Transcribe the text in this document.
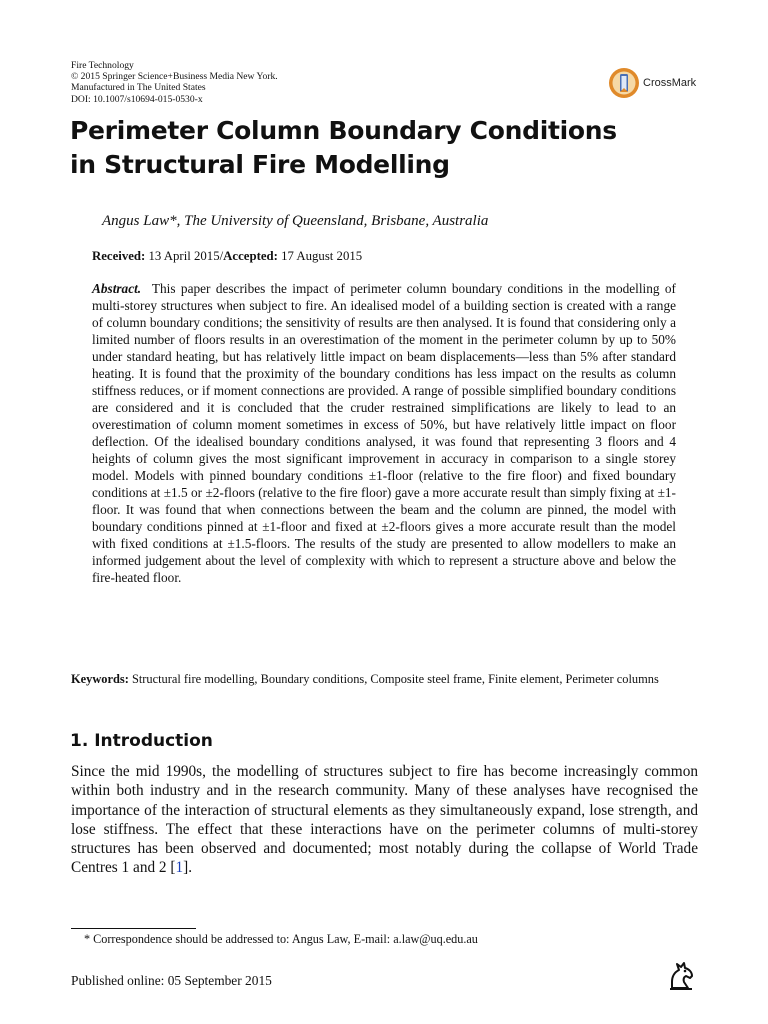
Fire Technology
© 2015 Springer Science+Business Media New York.
Manufactured in The United States
DOI: 10.1007/s10694-015-0530-x
CrossMark
Perimeter Column Boundary Conditions
in Structural Fire Modelling
Angus Law*, The University of Queensland, Brisbane, Australia
Received: 13 April 2015/Accepted: 17 August 2015
Abstract. This paper describes the impact of perimeter column boundary conditions in the modelling of multi-storey structures when subject to fire. An idealised model of a building section is created with a range of column boundary conditions; the sensitivity of results are then analysed. It is found that considering only a limited number of floors results in an overestimation of the moment in the perimeter column by up to 50% under standard heating, but has relatively little impact on beam displacements—less than 5% after standard heating. It is found that the proximity of the boundary conditions has less impact on the results as column stiffness reduces, or if moment connections are provided. A range of possible simplified boundary conditions are considered and it is concluded that the cruder restrained simplifications are likely to lead to an overestimation of column moment sometimes in excess of 50%, but have relatively little impact on floor deflection. Of the idealised boundary conditions analysed, it was found that representing 3 floors and 4 heights of column gives the most significant improvement in accuracy in comparison to a single storey model. Models with pinned boundary conditions ±1-floor (relative to the fire floor) and fixed boundary conditions at ±1.5 or ±2-floors (relative to the fire floor) gave a more accurate result than simply fixing at ±1-floor. It was found that when connections between the beam and the column are pinned, the model with boundary conditions pinned at ±1-floor and fixed at ±2-floors gives a more accurate result than the model with fixed conditions at ±1.5-floors. The results of the study are presented to allow modellers to make an informed judgement about the level of complexity with which to represent a structure above and below the fire-heated floor.
Keywords: Structural fire modelling, Boundary conditions, Composite steel frame, Finite element, Perimeter columns
1. Introduction
Since the mid 1990s, the modelling of structures subject to fire has become increasingly common within both industry and in the research community. Many of these analyses have recognised the importance of the interaction of structural elements as they simultaneously expand, lose strength, and lose stiffness. The effect that these interactions have on the perimeter columns of multi-storey structures has been observed and documented; most notably during the collapse of World Trade Centres 1 and 2 [1].
* Correspondence should be addressed to: Angus Law, E-mail: a.law@uq.edu.au
Published online: 05 September 2015
